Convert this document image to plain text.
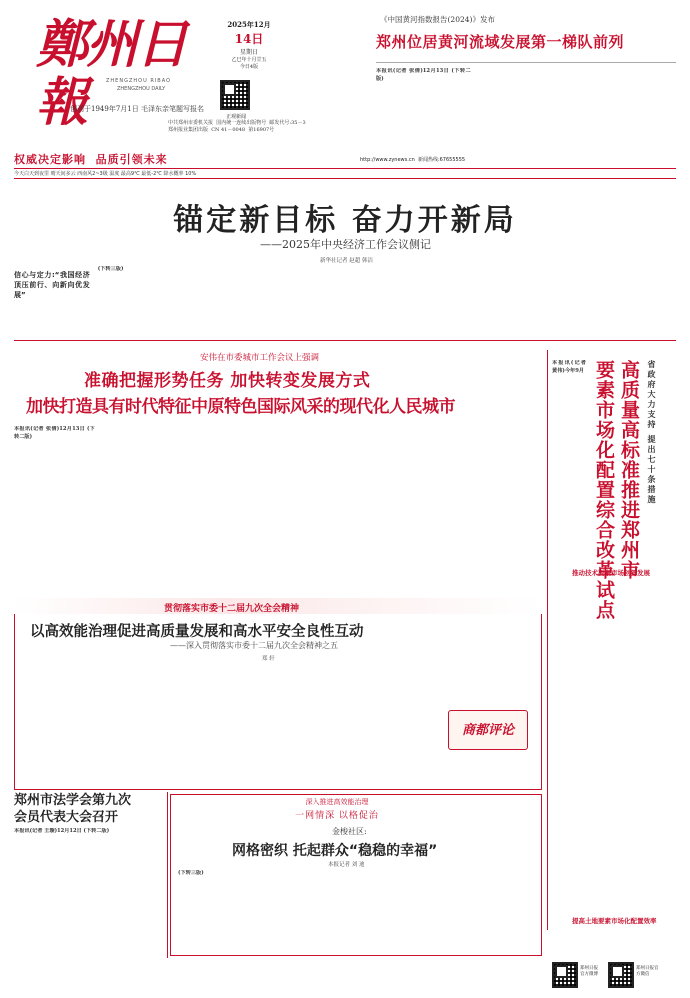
鄭州日報	ZHENGZHOU RIBAO
ZHENGZHOU DAILY
创刊于1949年7月1日 毛泽东亲笔题写报名
2025年12月
14日
星期日
乙巳年十月廿五
今日4版
正观新闻
中共郑州市委机关报 国内统一连续出版物号 邮发代号:35－3
郑州报业集团出版 CN 41－0048 第16907号
权威决定影响 品质引领未来	http://www.zynews.cn 新闻热线:67655555
今天白天到夜里 晴天间多云 西南风2~3级 温度 最高9℃ 最低-2℃ 降水概率 10%
《中国黄河指数报告(2024)》发布
郑州位居黄河流域发展第一梯队前列
本报讯(记者 张倩)12月13日 (下转二版)
锚定新目标 奋力开新局
——2025年中央经济工作会议侧记
新华社记者 赵超 韩洁
信心与定力:“我国经济顶压前行、向新向优发展”
(下转三版)
安伟在市委城市工作会议上强调
准确把握形势任务 加快转变发展方式
加快打造具有时代特征中原特色国际风采的现代化人民城市
本报讯(记者 张倩)12月13日 (下转二版)	省政府大力支持 提出七十条措施
高质量高标准推进郑州市
要素市场化配置综合改革试点
本报讯(记者 黄伟)今年9月
推动技术要素市场创新发展
提高土地要素市场化配置效率
贯彻落实市委十二届九次全会精神
以高效能治理促进高质量发展和高水平安全良性互动
——深入贯彻落实市委十二届九次全会精神之五
郑 轩
商都评论
郑州市法学会第九次
会员代表大会召开
本报讯(记者 王璇)12月12日 (下转二版)
深入推进高效能治理
一网情深 以格促治
金梭社区:
网格密织 托起群众“稳稳的幸福”
本报记者 刘 迪
(下转三版)
郑州日报官方微博
郑州日报官方微信
